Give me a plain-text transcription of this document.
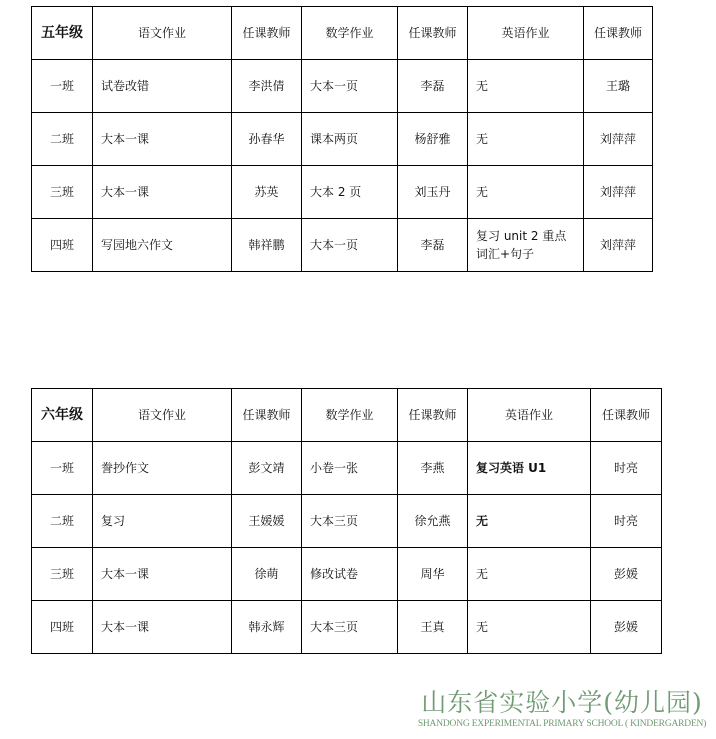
五年级	语文作业	任课教师	数学作业	任课教师	英语作业	任课教师
一班	试卷改错	李洪倩	大本一页	李磊	无	王璐
二班	大本一课	孙春华	课本两页	杨舒雅	无	刘萍萍
三班	大本一课	苏英	大本 2 页	刘玉丹	无	刘萍萍
四班	写园地六作文	韩祥鹏	大本一页	李磊	复习 unit 2 重点词汇+句子	刘萍萍
六年级	语文作业	任课教师	数学作业	任课教师	英语作业	任课教师
一班	誊抄作文	彭文靖	小卷一张	李燕	复习英语 U1	时亮
二班	复习	王媛媛	大本三页	徐允燕	无	时亮
三班	大本一课	徐萌	修改试卷	周华	无	彭媛
四班	大本一课	韩永辉	大本三页	王真	无	彭媛
山东省实验小学(幼儿园)
SHANDONG EXPERIMENTAL PRIMARY SCHOOL ( KINDERGARDEN)
